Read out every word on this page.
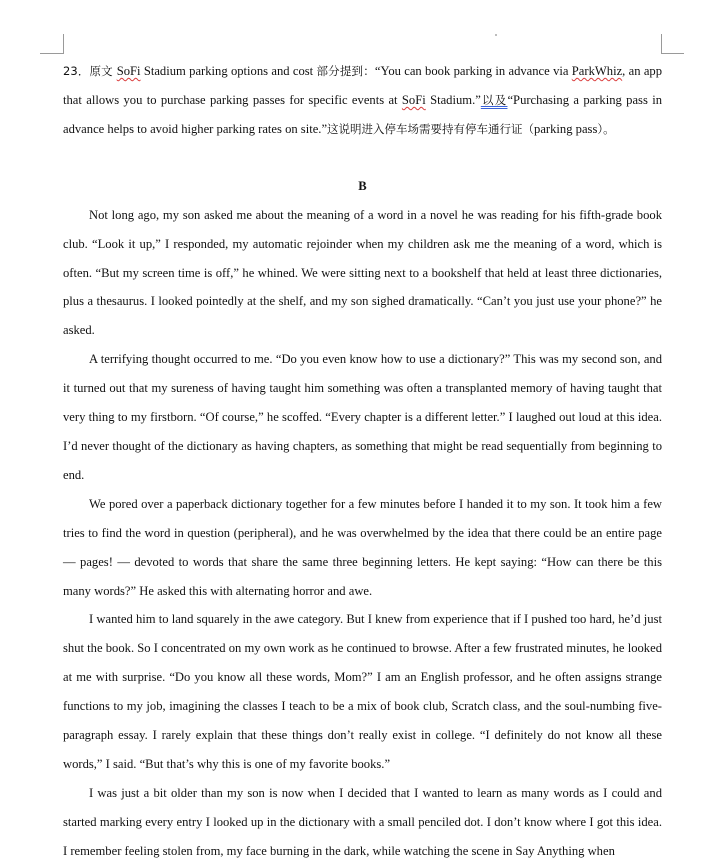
23．原文 SoFi Stadium parking options and cost 部分提到：“You can book parking in advance via ParkWhiz, an app that allows you to purchase parking passes for specific events at SoFi Stadium.”以及“Purchasing a parking pass in advance helps to avoid higher parking rates on site.”这说明进入停车场需要持有停车通行证（parking pass）。

B

Not long ago, my son asked me about the meaning of a word in a novel he was reading for his fifth-grade book club. “Look it up,” I responded, my automatic rejoinder when my children ask me the meaning of a word, which is often. “But my screen time is off,” he whined. We were sitting next to a bookshelf that held at least three dictionaries, plus a thesaurus. I looked pointedly at the shelf, and my son sighed dramatically. “Can’t you just use your phone?” he asked.

A terrifying thought occurred to me. “Do you even know how to use a dictionary?” This was my second son, and it turned out that my sureness of having taught him something was often a transplanted memory of having taught that very thing to my firstborn. “Of course,” he scoffed. “Every chapter is a different letter.” I laughed out loud at this idea. I’d never thought of the dictionary as having chapters, as something that might be read sequentially from beginning to end.

We pored over a paperback dictionary together for a few minutes before I handed it to my son. It took him a few tries to find the word in question (peripheral), and he was overwhelmed by the idea that there could be an entire page — pages! — devoted to words that share the same three beginning letters. He kept saying: “How can there be this many words?” He asked this with alternating horror and awe.

I wanted him to land squarely in the awe category. But I knew from experience that if I pushed too hard, he’d just shut the book. So I concentrated on my own work as he continued to browse. After a few frustrated minutes, he looked at me with surprise. “Do you know all these words, Mom?” I am an English professor, and he often assigns strange functions to my job, imagining the classes I teach to be a mix of book club, Scratch class, and the soul-numbing five-paragraph essay. I rarely explain that these things don’t really exist in college. “I definitely do not know all these words,” I said. “But that’s why this is one of my favorite books.”

I was just a bit older than my son is now when I decided that I wanted to learn as many words as I could and started marking every entry I looked up in the dictionary with a small penciled dot. I don’t know where I got this idea. I remember feeling stolen from, my face burning in the dark, while watching the scene in Say Anything when
